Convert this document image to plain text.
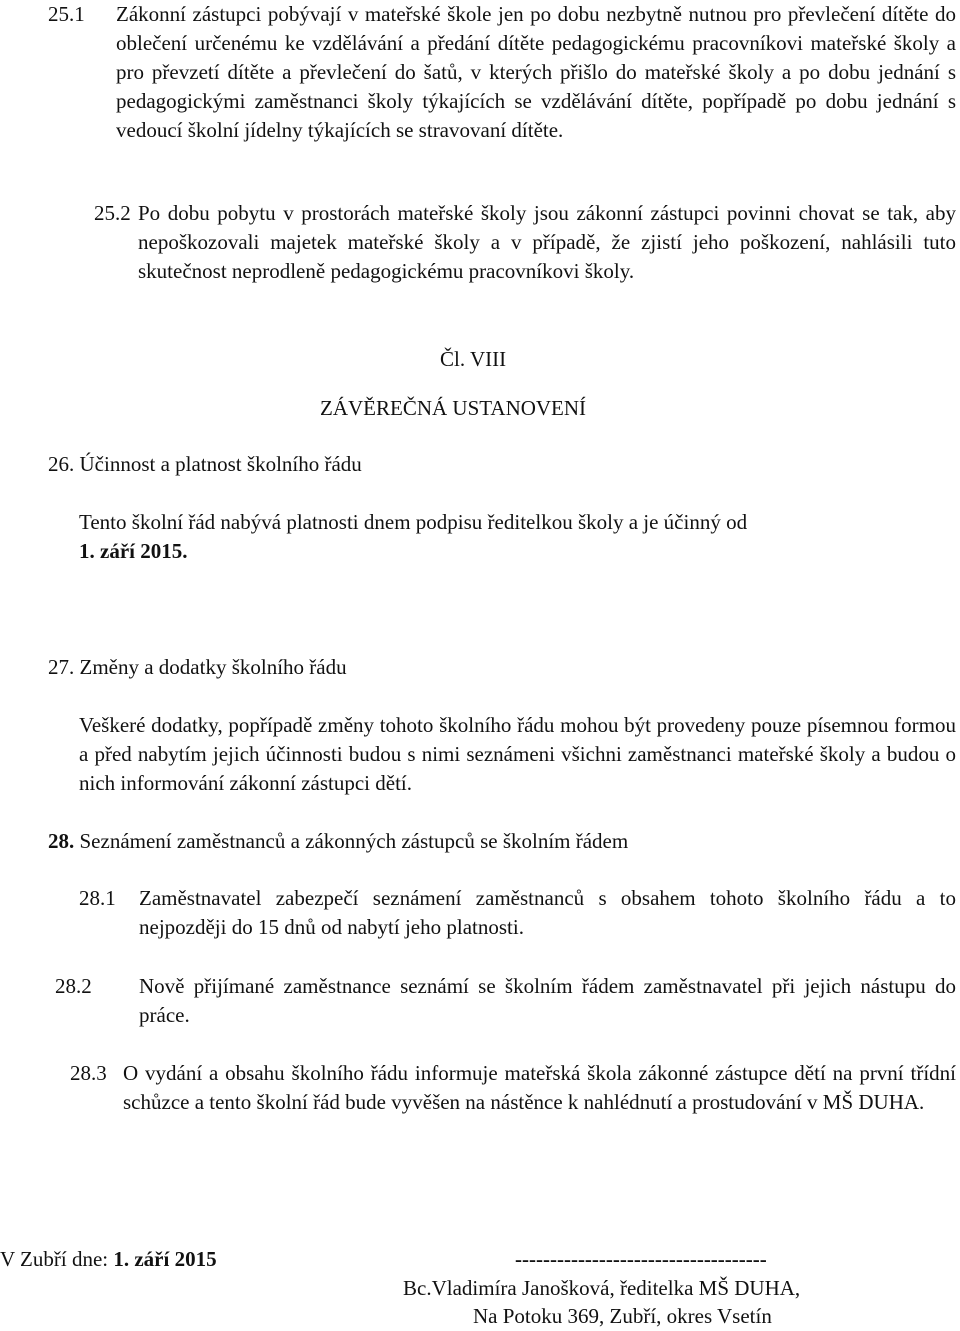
25.1	Zákonní zástupci pobývají v mateřské škole jen po dobu nezbytně nutnou pro převlečení dítěte do oblečení určenému ke vzdělávání a předání dítěte pedagogickému pracovníkovi mateřské školy a pro převzetí dítěte a převlečení do šatů, v kterých přišlo do mateřské školy a po dobu jednání s pedagogickými zaměstnanci školy týkajících se vzdělávání dítěte, popřípadě po dobu jednání s vedoucí školní jídelny týkajících se stravovaní dítěte.
25.2 Po dobu pobytu v prostorách mateřské školy jsou zákonní zástupci povinni chovat se tak, aby nepoškozovali majetek mateřské školy a v případě, že zjistí jeho poškození, nahlásili tuto skutečnost neprodleně pedagogickému pracovníkovi školy.
Čl. VIII
ZÁVĚREČNÁ USTANOVENÍ
26. Účinnost a platnost školního řádu
Tento školní řád nabývá platnosti dnem podpisu ředitelkou školy a je účinný od
1. září 2015.
27. Změny a dodatky školního řádu
Veškeré dodatky, popřípadě změny tohoto školního řádu mohou být provedeny pouze písemnou formou a před nabytím jejich účinnosti budou s nimi seznámeni všichni zaměstnanci mateřské školy a budou o nich informování zákonní zástupci dětí.
28. Seznámení zaměstnanců a zákonných zástupců se školním řádem
28.1	Zaměstnavatel zabezpečí seznámení zaměstnanců s obsahem tohoto školního řádu a to nejpozději do 15 dnů od nabytí jeho platnosti.
28.2	Nově přijímané zaměstnance seznámí se školním řádem zaměstnavatel při jejich nástupu do práce.
28.3 O vydání a obsahu školního řádu informuje mateřská škola zákonné zástupce dětí na první třídní schůzce a tento školní řád bude vyvěšen na nástěnce k nahlédnutí a prostudování v MŠ DUHA.
V Zubří dne: 1. září 2015	------------------------------------
Bc.Vladimíra Janošková, ředitelka MŠ DUHA,
Na Potoku 369, Zubří, okres Vsetín
